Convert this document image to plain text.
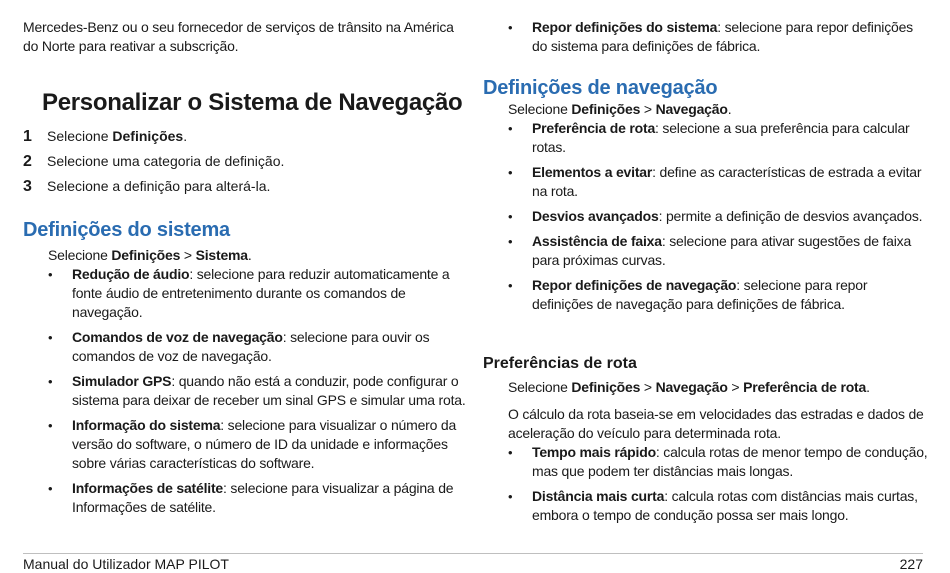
Mercedes-Benz ou o seu fornecedor de serviços de trânsito na América do Norte para reativar a subscrição.

Personalizar o Sistema de Navegação
1	Selecione Definições.
2	Selecione uma categoria de definição.
3	Selecione a definição para alterá-la.
Definições do sistema

Selecione Definições > Sistema.

•	Redução de áudio: selecione para reduzir automaticamente a fonte áudio de entretenimento durante os comandos de navegação.
•	Comandos de voz de navegação: selecione para ouvir os comandos de voz de navegação.
•	Simulador GPS: quando não está a conduzir, pode configurar o sistema para deixar de receber um sinal GPS e simular uma rota.
•	Informação do sistema: selecione para visualizar o número da versão do software, o número de ID da unidade e informações sobre várias características do software.
•	Informações de satélite: selecione para visualizar a página de Informações de satélite.
•	Repor definições do sistema: selecione para repor definições do sistema para definições de fábrica.
Definições de navegação

Selecione Definições > Navegação.

•	Preferência de rota: selecione a sua preferência para calcular rotas.
•	Elementos a evitar: define as características de estrada a evitar na rota.
•	Desvios avançados: permite a definição de desvios avançados.
•	Assistência de faixa: selecione para ativar sugestões de faixa para próximas curvas.
•	Repor definições de navegação: selecione para repor definições de navegação para definições de fábrica.
Preferências de rota

Selecione Definições > Navegação > Preferência de rota.

O cálculo da rota baseia-se em velocidades das estradas e dados de aceleração do veículo para determinada rota.

•	Tempo mais rápido: calcula rotas de menor tempo de condução, mas que podem ter distâncias mais longas.
•	Distância mais curta: calcula rotas com distâncias mais curtas, embora o tempo de condução possa ser mais longo.
Manual do Utilizador MAP PILOT	227
